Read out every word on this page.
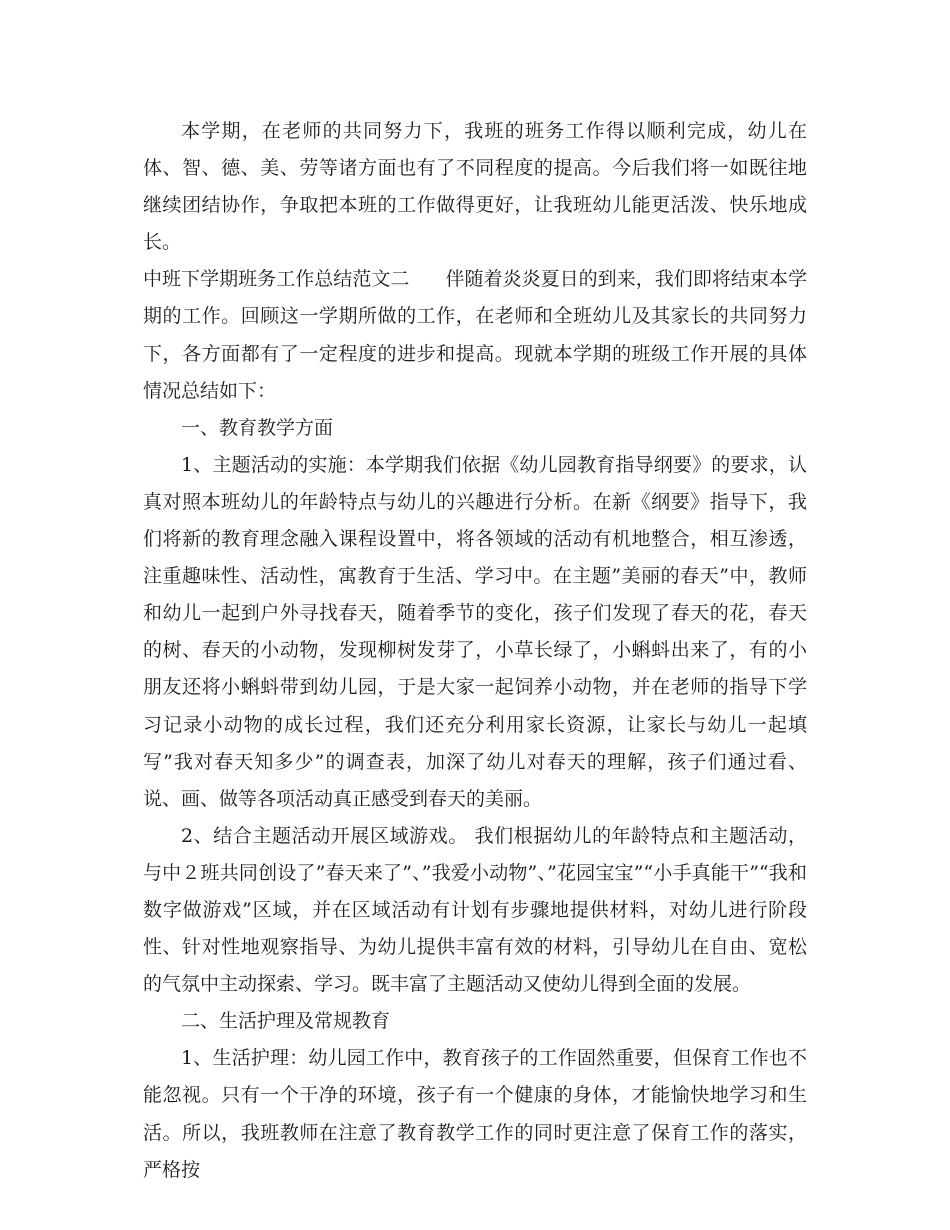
本学期，在老师的共同努力下，我班的班务工作得以顺利完成，幼儿在体、智、德、美、劳等诸方面也有了不同程度的提高。今后我们将一如既往地继续团结协作，争取把本班的工作做得更好，让我班幼儿能更活泼、快乐地成长。

中班下学期班务工作总结范文二 伴随着炎炎夏日的到来，我们即将结束本学期的工作。回顾这一学期所做的工作，在老师和全班幼儿及其家长的共同努力下，各方面都有了一定程度的进步和提高。现就本学期的班级工作开展的具体情况总结如下：

一、教育教学方面

1、主题活动的实施：本学期我们依据《幼儿园教育指导纲要》的要求，认真对照本班幼儿的年龄特点与幼儿的兴趣进行分析。在新《纲要》指导下，我们将新的教育理念融入课程设置中，将各领域的活动有机地整合，相互渗透，注重趣味性、活动性，寓教育于生活、学习中。在主题”美丽的春天”中，教师和幼儿一起到户外寻找春天，随着季节的变化，孩子们发现了春天的花，春天的树、春天的小动物，发现柳树发芽了，小草长绿了，小蝌蚪出来了，有的小朋友还将小蝌蚪带到幼儿园，于是大家一起饲养小动物，并在老师的指导下学习记录小动物的成长过程，我们还充分利用家长资源，让家长与幼儿一起填写”我对春天知多少”的调查表，加深了幼儿对春天的理解，孩子们通过看、说、画、做等各项活动真正感受到春天的美丽。

2、结合主题活动开展区域游戏。 我们根据幼儿的年龄特点和主题活动，与中２班共同创设了”春天来了”、”我爱小动物”、”花园宝宝”“小手真能干”“我和数字做游戏”区域，并在区域活动有计划有步骤地提供材料，对幼儿进行阶段性、针对性地观察指导、为幼儿提供丰富有效的材料，引导幼儿在自由、宽松的气氛中主动探索、学习。既丰富了主题活动又使幼儿得到全面的发展。

二、生活护理及常规教育

1、生活护理：幼儿园工作中，教育孩子的工作固然重要，但保育工作也不能忽视。只有一个干净的环境，孩子有一个健康的身体，才能愉快地学习和生活。所以，我班教师在注意了教育教学工作的同时更注意了保育工作的落实，严格按
